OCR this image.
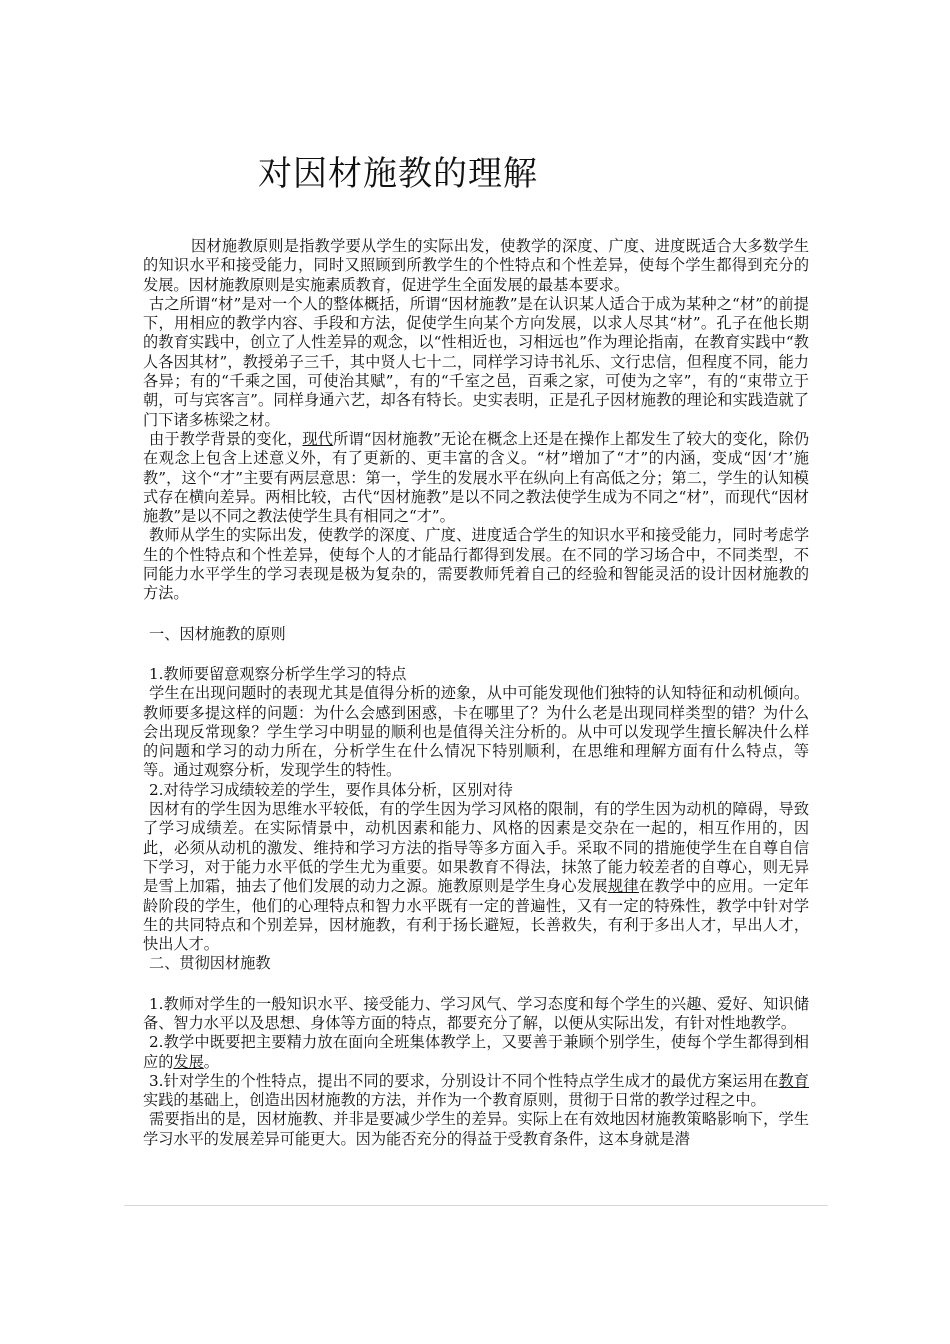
对因材施教的理解

因材施教原则是指教学要从学生的实际出发，使教学的深度、广度、进度既适合大多数学生的知识水平和接受能力，同时又照顾到所教学生的个性特点和个性差异，使每个学生都得到充分的发展。因材施教原则是实施素质教育，促进学生全面发展的最基本要求。

古之所谓“材”是对一个人的整体概括，所谓“因材施教”是在认识某人适合于成为某种之“材”的前提下，用相应的教学内容、手段和方法，促使学生向某个方向发展，以求人尽其“材”。孔子在他长期的教育实践中，创立了人性差异的观念，以“性相近也，习相远也”作为理论指南，在教育实践中“教人各因其材”，教授弟子三千，其中贤人七十二，同样学习诗书礼乐、文行忠信，但程度不同，能力各异；有的“千乘之国，可使治其赋”，有的“千室之邑，百乘之家，可使为之宰”，有的“束带立于朝，可与宾客言”。同样身通六艺，却各有特长。史实表明，正是孔子因材施教的理论和实践造就了门下诸多栋梁之材。

由于教学背景的变化，现代所谓“因材施教”无论在概念上还是在操作上都发生了较大的变化，除仍在观念上包含上述意义外，有了更新的、更丰富的含义。“材”增加了“才”的内涵，变成“因‘才’施教”，这个“才”主要有两层意思：第一，学生的发展水平在纵向上有高低之分；第二，学生的认知模式存在横向差异。两相比较，古代“因材施教”是以不同之教法使学生成为不同之“材”，而现代“因材施教”是以不同之教法使学生具有相同之“才”。

教师从学生的实际出发，使教学的深度、广度、进度适合学生的知识水平和接受能力，同时考虑学生的个性特点和个性差异，使每个人的才能品行都得到发展。在不同的学习场合中，不同类型，不同能力水平学生的学习表现是极为复杂的，需要教师凭着自己的经验和智能灵活的设计因材施教的方法。

一、因材施教的原则

1.教师要留意观察分析学生学习的特点

学生在出现问题时的表现尤其是值得分析的迹象，从中可能发现他们独特的认知特征和动机倾向。教师要多提这样的问题：为什么会感到困惑，卡在哪里了？为什么老是出现同样类型的错？为什么会出现反常现象？学生学习中明显的顺利也是值得关注分析的。从中可以发现学生擅长解决什么样的问题和学习的动力所在，分析学生在什么情况下特别顺利，在思维和理解方面有什么特点，等等。通过观察分析，发现学生的特性。

2.对待学习成绩较差的学生，要作具体分析，区别对待

因材有的学生因为思维水平较低，有的学生因为学习风格的限制，有的学生因为动机的障碍，导致了学习成绩差。在实际情景中，动机因素和能力、风格的因素是交杂在一起的，相互作用的，因此，必须从动机的激发、维持和学习方法的指导等多方面入手。采取不同的措施使学生在自尊自信下学习，对于能力水平低的学生尤为重要。如果教育不得法，抹煞了能力较差者的自尊心，则无异是雪上加霜，抽去了他们发展的动力之源。施教原则是学生身心发展规律在教学中的应用。一定年龄阶段的学生，他们的心理特点和智力水平既有一定的普遍性，又有一定的特殊性，教学中针对学生的共同特点和个别差异，因材施教，有利于扬长避短，长善救失，有利于多出人才，早出人才，快出人才。

二、贯彻因材施教

1.教师对学生的一般知识水平、接受能力、学习风气、学习态度和每个学生的兴趣、爱好、知识储备、智力水平以及思想、身体等方面的特点，都要充分了解，以便从实际出发，有针对性地教学。

2.教学中既要把主要精力放在面向全班集体教学上，又要善于兼顾个别学生，使每个学生都得到相应的发展。

3.针对学生的个性特点，提出不同的要求，分别设计不同个性特点学生成才的最优方案运用在教育实践的基础上，创造出因材施教的方法，并作为一个教育原则，贯彻于日常的教学过程之中。

需要指出的是，因材施教、并非是要减少学生的差异。实际上在有效地因材施教策略影响下，学生学习水平的发展差异可能更大。因为能否充分的得益于受教育条件，这本身就是潜
